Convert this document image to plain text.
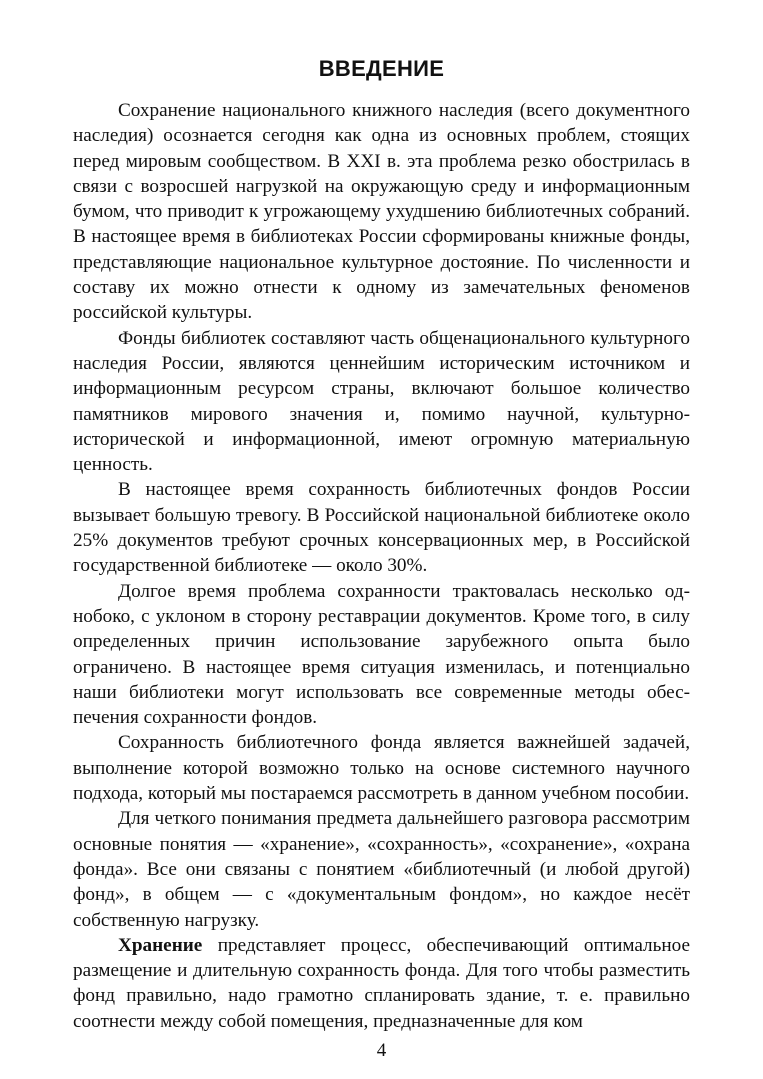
ВВЕДЕНИЕ

Сохранение национального книжного наследия (всего документного наследия) осознается сегодня как одна из основных проблем, стоящих перед мировым сообществом. В XXI в. эта проблема резко обострилась в связи с возросшей нагрузкой на окружающую среду и информационным бумом, что приводит к угрожающему ухудшению библиотечных собраний. В настоящее время в библиотеках России сформированы книжные фонды, представляющие национальное культурное достояние. По численности и составу их можно отнести к одному из замечательных феноменов российской культуры.

Фонды библиотек составляют часть общенационального культурного наследия России, являются ценнейшим историческим источником и информационным ресурсом страны, включают большое количество памятников мирового значения и, помимо научной, культурно-исторической и информационной, имеют огромную материальную ценность.

В настоящее время сохранность библиотечных фондов России вызывает большую тревогу. В Российской национальной библиотеке около 25% документов требуют срочных консервационных мер, в Российской государственной библиотеке — около 30%.

Долгое время проблема сохранности трактовалась несколько однобоко, с уклоном в сторону реставрации документов. Кроме того, в силу определенных причин использование зарубежного опыта было ограничено. В настоящее время ситуация изменилась, и потенциально наши библиотеки могут использовать все современные методы обеспечения сохранности фондов.

Сохранность библиотечного фонда является важнейшей задачей, выполнение которой возможно только на основе системного научного подхода, который мы постараемся рассмотреть в данном учебном пособии.

Для четкого понимания предмета дальнейшего разговора рассмотрим основные понятия — «хранение», «сохранность», «сохранение», «охрана фонда». Все они связаны с понятием «библиотечный (и любой другой) фонд», в общем — с «документальным фондом», но каждое несёт собственную нагрузку.

Хранение представляет процесс, обеспечивающий оптимальное размещение и длительную сохранность фонда. Для того чтобы разместить фонд правильно, надо грамотно спланировать здание, т. е. правильно соотнести между собой помещения, предназначенные для ком

4
